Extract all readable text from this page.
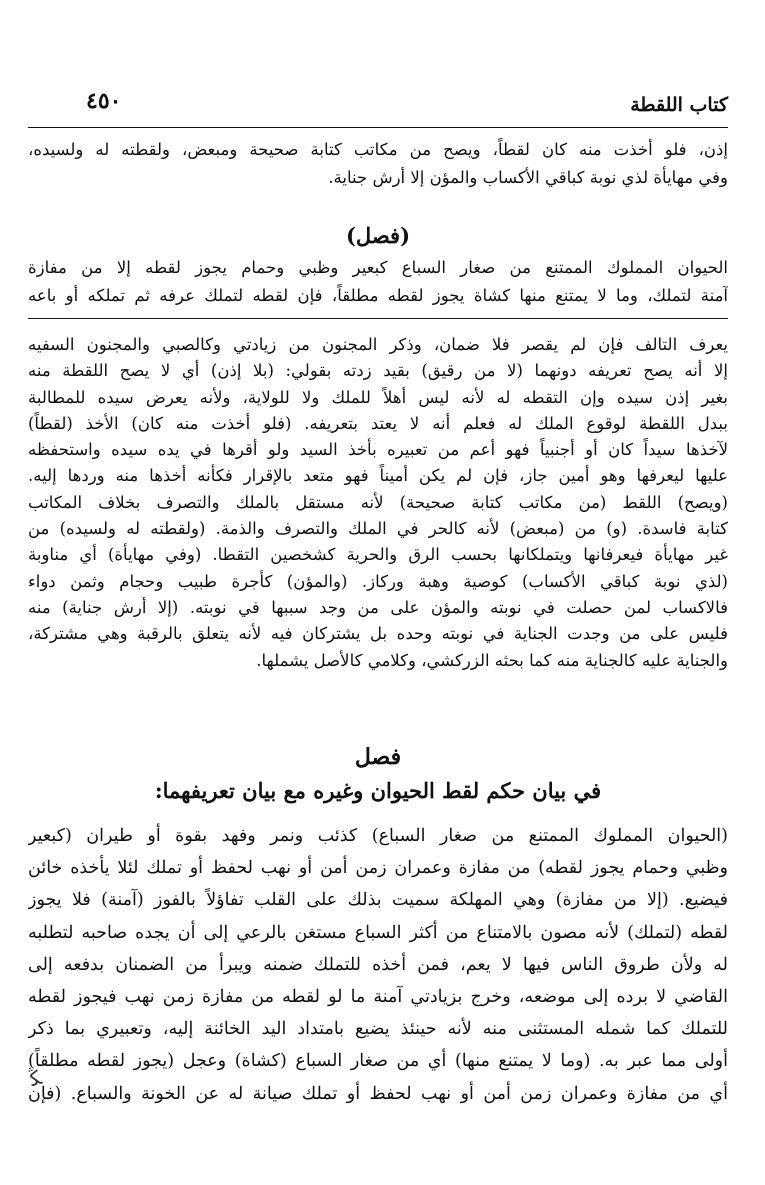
كتاب اللقطة
٤٥٠
إذن، فلو أخذت منه كان لقطاً، ويصح من مكاتب كتابة صحيحة ومبعض، ولقطته له ولسيده،
وفي مهايأة لذي نوبة كباقي الأكساب والمؤن إلا أرش جناية.
(فصل)
الحيوان المملوك الممتنع من صغار السباع كبعير وظبي وحمام يجوز لقطه إلا من مفازة
آمنة لتملك، وما لا يمتنع منها كشاة يجوز لقطه مطلقاً، فإن لقطه لتملك عرفه ثم تملكه أو باعه
يعرف التالف فإن لم يقصر فلا ضمان، وذكر المجنون من زيادتي وكالصبي والمجنون السفيه
إلا أنه يصح تعريفه دونهما (لا من رقيق) بقيد زدته بقولي: (بلا إذن) أي لا يصح اللقطة منه
بغير إذن سيده وإن التقطه له لأنه ليس أهلاً للملك ولا للولاية، ولأنه يعرض سيده للمطالبة
ببدل اللقطة لوقوع الملك له فعلم أنه لا يعتد بتعريفه. (فلو أخذت منه كان) الأخذ (لقطاً)
لآخذها سيداً كان أو أجنبياً فهو أعم من تعبيره بأخذ السيد ولو أقرها في يده سيده واستحفظه
عليها ليعرفها وهو أمين جاز، فإن لم يكن أميناً فهو متعد بالإقرار فكأنه أخذها منه وردها إليه.
(ويصح) اللقط (من مكاتب كتابة صحيحة) لأنه مستقل بالملك والتصرف بخلاف المكاتب
كتابة فاسدة. (و) من (مبعض) لأنه كالحر في الملك والتصرف والذمة. (ولقطته له ولسيده) من
غير مهايأة فيعرفانها ويتملكانها بحسب الرق والحرية كشخصين التقطا. (وفي مهايأة) أي مناوبة
(لذي نوبة كباقي الأكساب) كوصية وهبة وركاز. (والمؤن) كأجرة طبيب وحجام وثمن دواء
فالاكساب لمن حصلت في نوبته والمؤن على من وجد سببها في نوبته. (إلا أرش جناية) منه
فليس على من وجدت الجناية في نوبته وحده بل يشتركان فيه لأنه يتعلق بالرقبة وهي مشتركة،
والجناية عليه كالجناية منه كما بحثه الزركشي، وكلامي كالأصل يشملها.
فصل
في بيان حكم لقط الحيوان وغيره مع بيان تعريفهما:
(الحيوان المملوك الممتنع من صغار السباع) كذئب ونمر وفهد بقوة أو طيران (كبعير
وظبي وحمام يجوز لقطه) من مفازة وعمران زمن أمن أو نهب لحفظ أو تملك لئلا يأخذه خائن
فيضيع. (إلا من مفازة) وهي المهلكة سميت بذلك على القلب تفاؤلاً بالفوز (آمنة) فلا يجوز
لقطه (لتملك) لأنه مصون بالامتناع من أكثر السباع مستغن بالرعي إلى أن يجده صاحبه لتطلبه
له ولأن طروق الناس فيها لا يعم، فمن أخذه للتملك ضمنه ويبرأ من الضمنان بدفعه إلى
القاضي لا برده إلى موضعه، وخرج بزيادتي آمنة ما لو لقطه من مفازة زمن نهب فيجوز لقطه
للتملك كما شمله المستثنى منه لأنه حينئذ يضيع بامتداد اليد الخائنة إليه، وتعبيري بما ذكر
أولى مما عبر به. (وما لا يمتنع منها) أي من صغار السباع (كشاة) وعجل (يجوز لقطه مطلقاً)
أي من مفازة وعمران زمن أمن أو نهب لحفظ أو تملك صيانة له عن الخونة والسباع. (فإن
ﯖ
